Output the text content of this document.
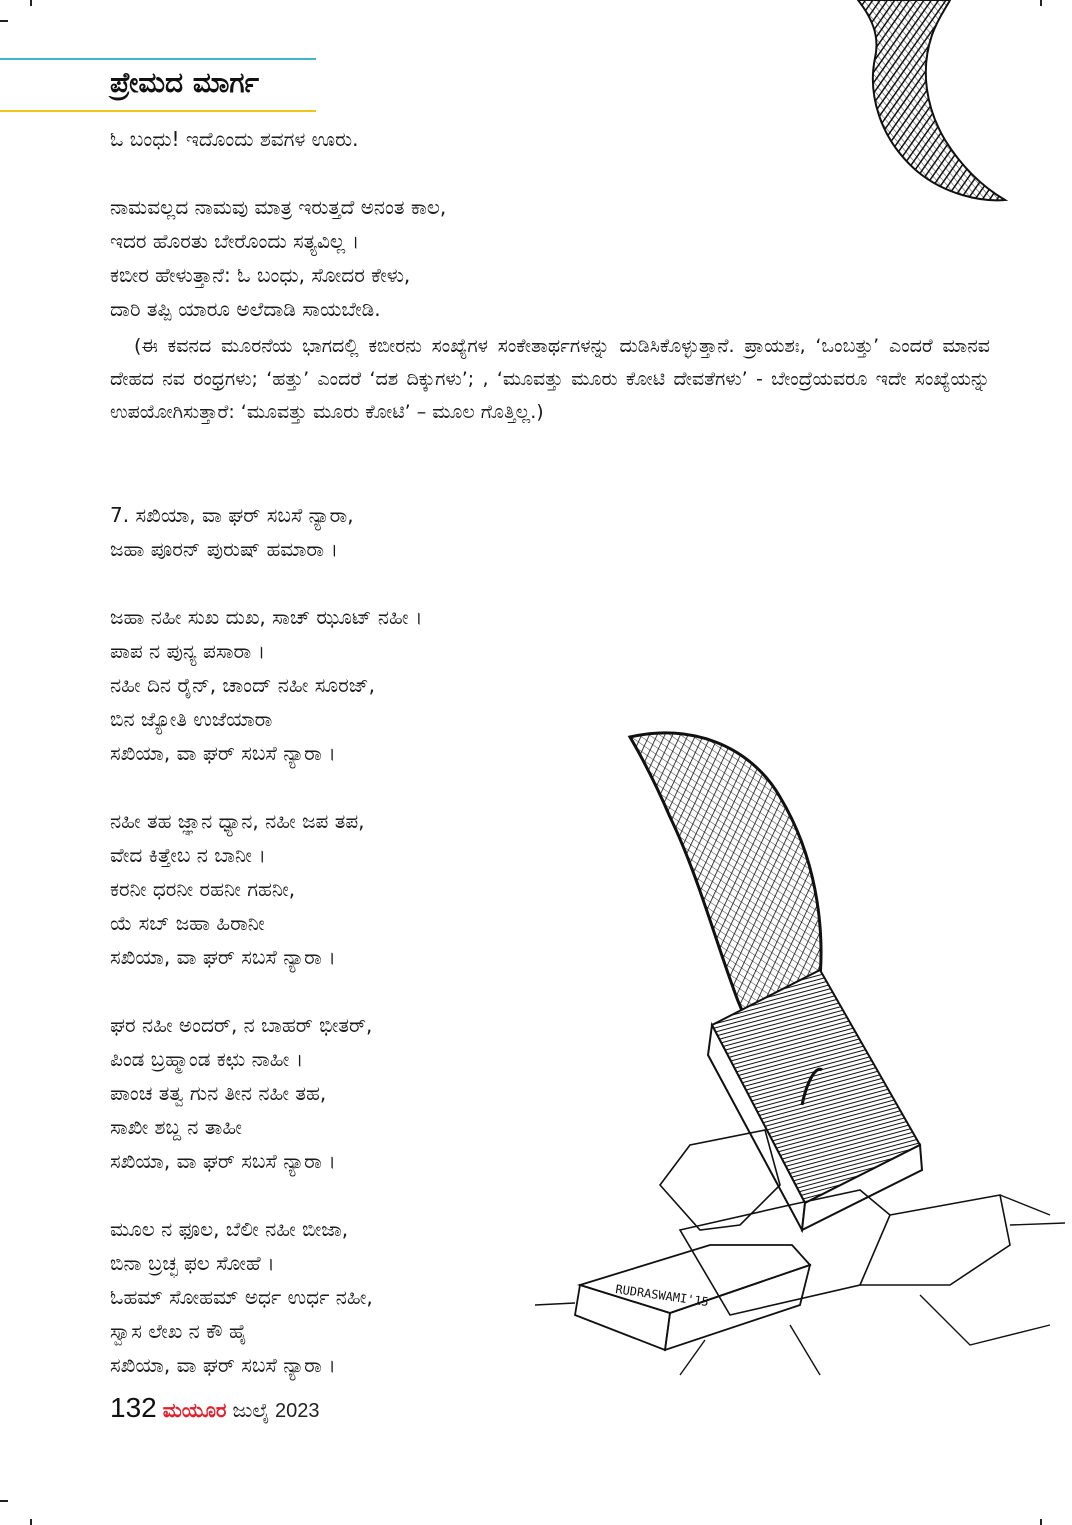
ಪ್ರೇಮದ ಮಾರ್ಗ
ಓ ಬಂಧು! ಇದೊಂದು ಶವಗಳ ಊರು.
ನಾಮವಲ್ಲದ ನಾಮವು ಮಾತ್ರ ಇರುತ್ತದೆ ಅನಂತ ಕಾಲ,
ಇದರ ಹೊರತು ಬೇರೊಂದು ಸತ್ಯವಿಲ್ಲ ।
ಕಬೀರ ಹೇಳುತ್ತಾನೆ: ಓ ಬಂಧು, ಸೋದರ ಕೇಳು,
ದಾರಿ ತಪ್ಪಿ ಯಾರೂ ಅಲೆದಾಡಿ ಸಾಯಬೇಡಿ.
(ಈ ಕವನದ ಮೂರನೆಯ ಭಾಗದಲ್ಲಿ ಕಬೀರನು ಸಂಖ್ಯೆಗಳ ಸಂಕೇತಾರ್ಥಗಳನ್ನು ದುಡಿಸಿಕೊಳ್ಳುತ್ತಾನೆ. ಪ್ರಾಯಶಃ, ‘ಒಂಬತ್ತು’ ಎಂದರೆ ಮಾನವ ದೇಹದ ನವ ರಂಧ್ರಗಳು; ‘ಹತ್ತು’ ಎಂದರೆ ‘ದಶ ದಿಕ್ಕುಗಳು’; , ‘ಮೂವತ್ತು ಮೂರು ಕೋಟಿ ದೇವತೆಗಳು’ - ಬೇಂದ್ರೆಯವರೂ ಇದೇ ಸಂಖ್ಯೆಯನ್ನು ಉಪಯೋಗಿಸುತ್ತಾರೆ: ‘ಮೂವತ್ತು ಮೂರು ಕೋಟಿ’ – ಮೂಲ ಗೊತ್ತಿಲ್ಲ.)
7. ಸಖಿಯಾ, ವಾ ಘರ್ ಸಬಸೆ ನ್ಯಾರಾ,
ಜಹಾ ಪೂರನ್ ಪುರುಷ್ ಹಮಾರಾ ।
ಜಹಾ ನಹೀ ಸುಖ ದುಖ, ಸಾಚ್ ಝೂಟ್ ನಹೀ ।
ಪಾಪ ನ ಪುನ್ಯ ಪಸಾರಾ ।
ನಹೀ ದಿನ ರೈನ್, ಚಾಂದ್ ನಹೀ ಸೂರಜ್,
ಬಿನ ಜ್ಯೋತಿ ಉಜೆಯಾರಾ
ಸಖಿಯಾ, ವಾ ಘರ್ ಸಬಸೆ ನ್ಯಾರಾ ।
ನಹೀ ತಹ ಜ್ಞಾನ ಧ್ಯಾನ, ನಹೀ ಜಪ ತಪ,
ವೇದ ಕಿತ್ತೇಬ ನ ಬಾನೀ ।
ಕರನೀ ಧರನೀ ರಹನೀ ಗಹನೀ,
ಯೆ ಸಬ್ ಜಹಾ ಹಿರಾನೀ
ಸಖಿಯಾ, ವಾ ಘರ್ ಸಬಸೆ ನ್ಯಾರಾ ।
ಘರ ನಹೀ ಅಂದರ್, ನ ಬಾಹರ್ ಭೀತರ್,
ಪಿಂಡ ಬ್ರಹ್ಮಾಂಡ ಕಛು ನಾಹೀ ।
ಪಾಂಚ ತತ್ವ ಗುನ ತೀನ ನಹೀ ತಹ,
ಸಾಖೀ ಶಬ್ದ ನ ತಾಹೀ
ಸಖಿಯಾ, ವಾ ಘರ್ ಸಬಸೆ ನ್ಯಾರಾ ।
ಮೂಲ ನ ಫೂಲ, ಬೆಲೀ ನಹೀ ಬೀಜಾ,
ಬಿನಾ ಬ್ರಚ್ಛ ಫಲ ಸೋಹೆ ।
ಓಹಮ್ ಸೋಹಮ್ ಅರ್ಧ ಉರ್ಧ ನಹೀ,
ಸ್ವಾಸ ಲೇಖ ನ ಕೌ ಹೈ
ಸಖಿಯಾ, ವಾ ಘರ್ ಸಬಸೆ ನ್ಯಾರಾ ।
RUDRASWAMI'15
132 ಮಯೂರ ಜುಲೈ 2023
